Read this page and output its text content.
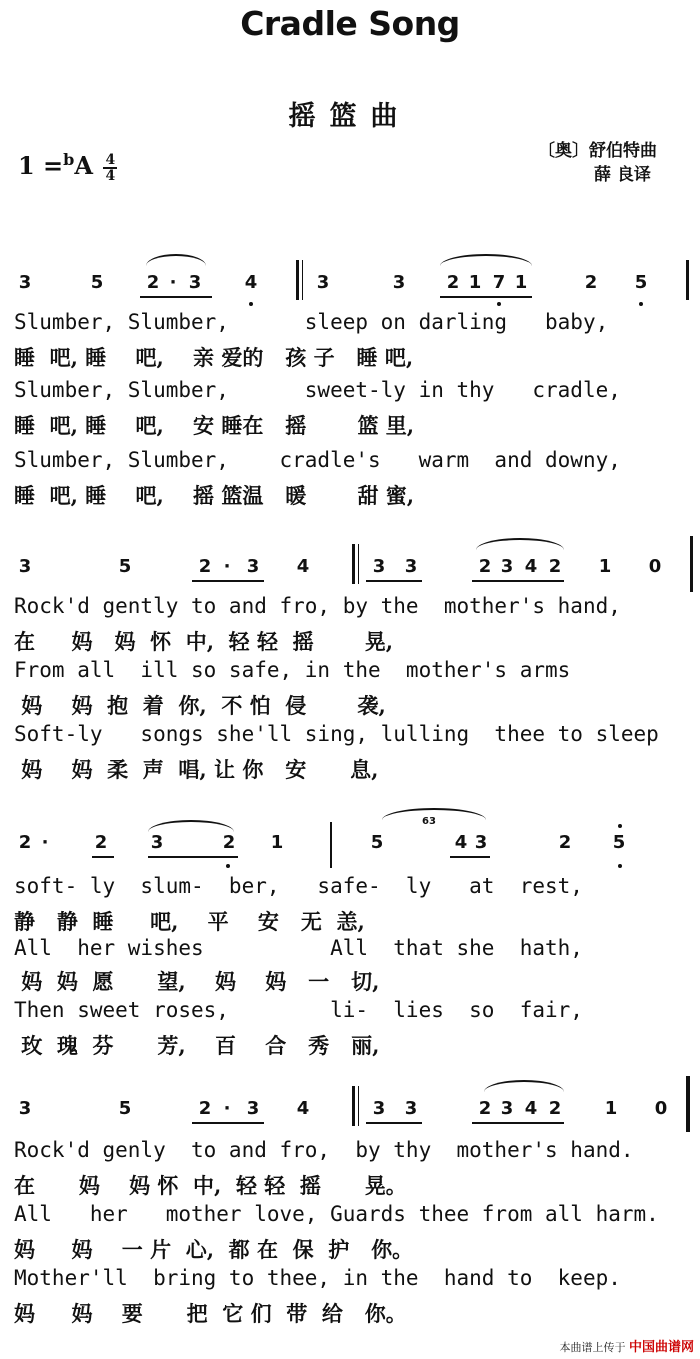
Cradle Song
摇篮曲
$1 =^bA \frac{4}{4}$
〔奥〕舒伯特曲
薛 良译
3	5	2 · 3	4	3	3	2 1 7 1	2	5
Slumber, Slumber,      sleep on darling   baby,
睡  吧, 睡    吧,    亲 爱的   孩 子   睡 吧,
Slumber, Slumber,      sweet-ly in thy   cradle,
睡  吧, 睡    吧,    安 睡在   摇       篮 里,
Slumber, Slumber,    cradle's   warm  and downy,
睡  吧, 睡    吧,    摇 篮温   暖       甜 蜜,
3	5	2 · 3	4	3	3	2 3 4 2	1	0
Rock'd gently to and fro, by the  mother's hand,
在     妈   妈  怀  中,  轻 轻  摇       晃,
From all  ill so safe, in the  mother's arms
妈    妈  抱  着  你,  不 怕  侵       袭,
Soft-ly   songs she'll sing, lulling  thee to sleep
妈    妈  柔  声  唱, 让 你   安      息,
2 ·	2	3	2	1	5	4 3	2	5
63
soft- ly  slum-  ber,   safe-  ly   at  rest,
静   静  睡     吧,    平    安   无  恙,
All  her wishes          All  that she  hath,
妈  妈  愿      望,    妈    妈   一   切,
Then sweet roses,        li-  lies  so  fair,
玫  瑰  芬      芳,    百    合   秀   丽,
3	5	2 · 3	4	3	3	2 3 4 2	1	0
Rock'd genly  to and fro,  by thy  mother's hand.
在      妈    妈 怀  中,  轻 轻  摇      晃。
All   her   mother love, Guards thee from all harm.
妈     妈    一 片  心,  都 在  保  护   你。
Mother'll  bring to thee, in the  hand to  keep.
妈     妈    要      把  它 们  带  给   你。
本曲谱上传于 中国曲谱网
